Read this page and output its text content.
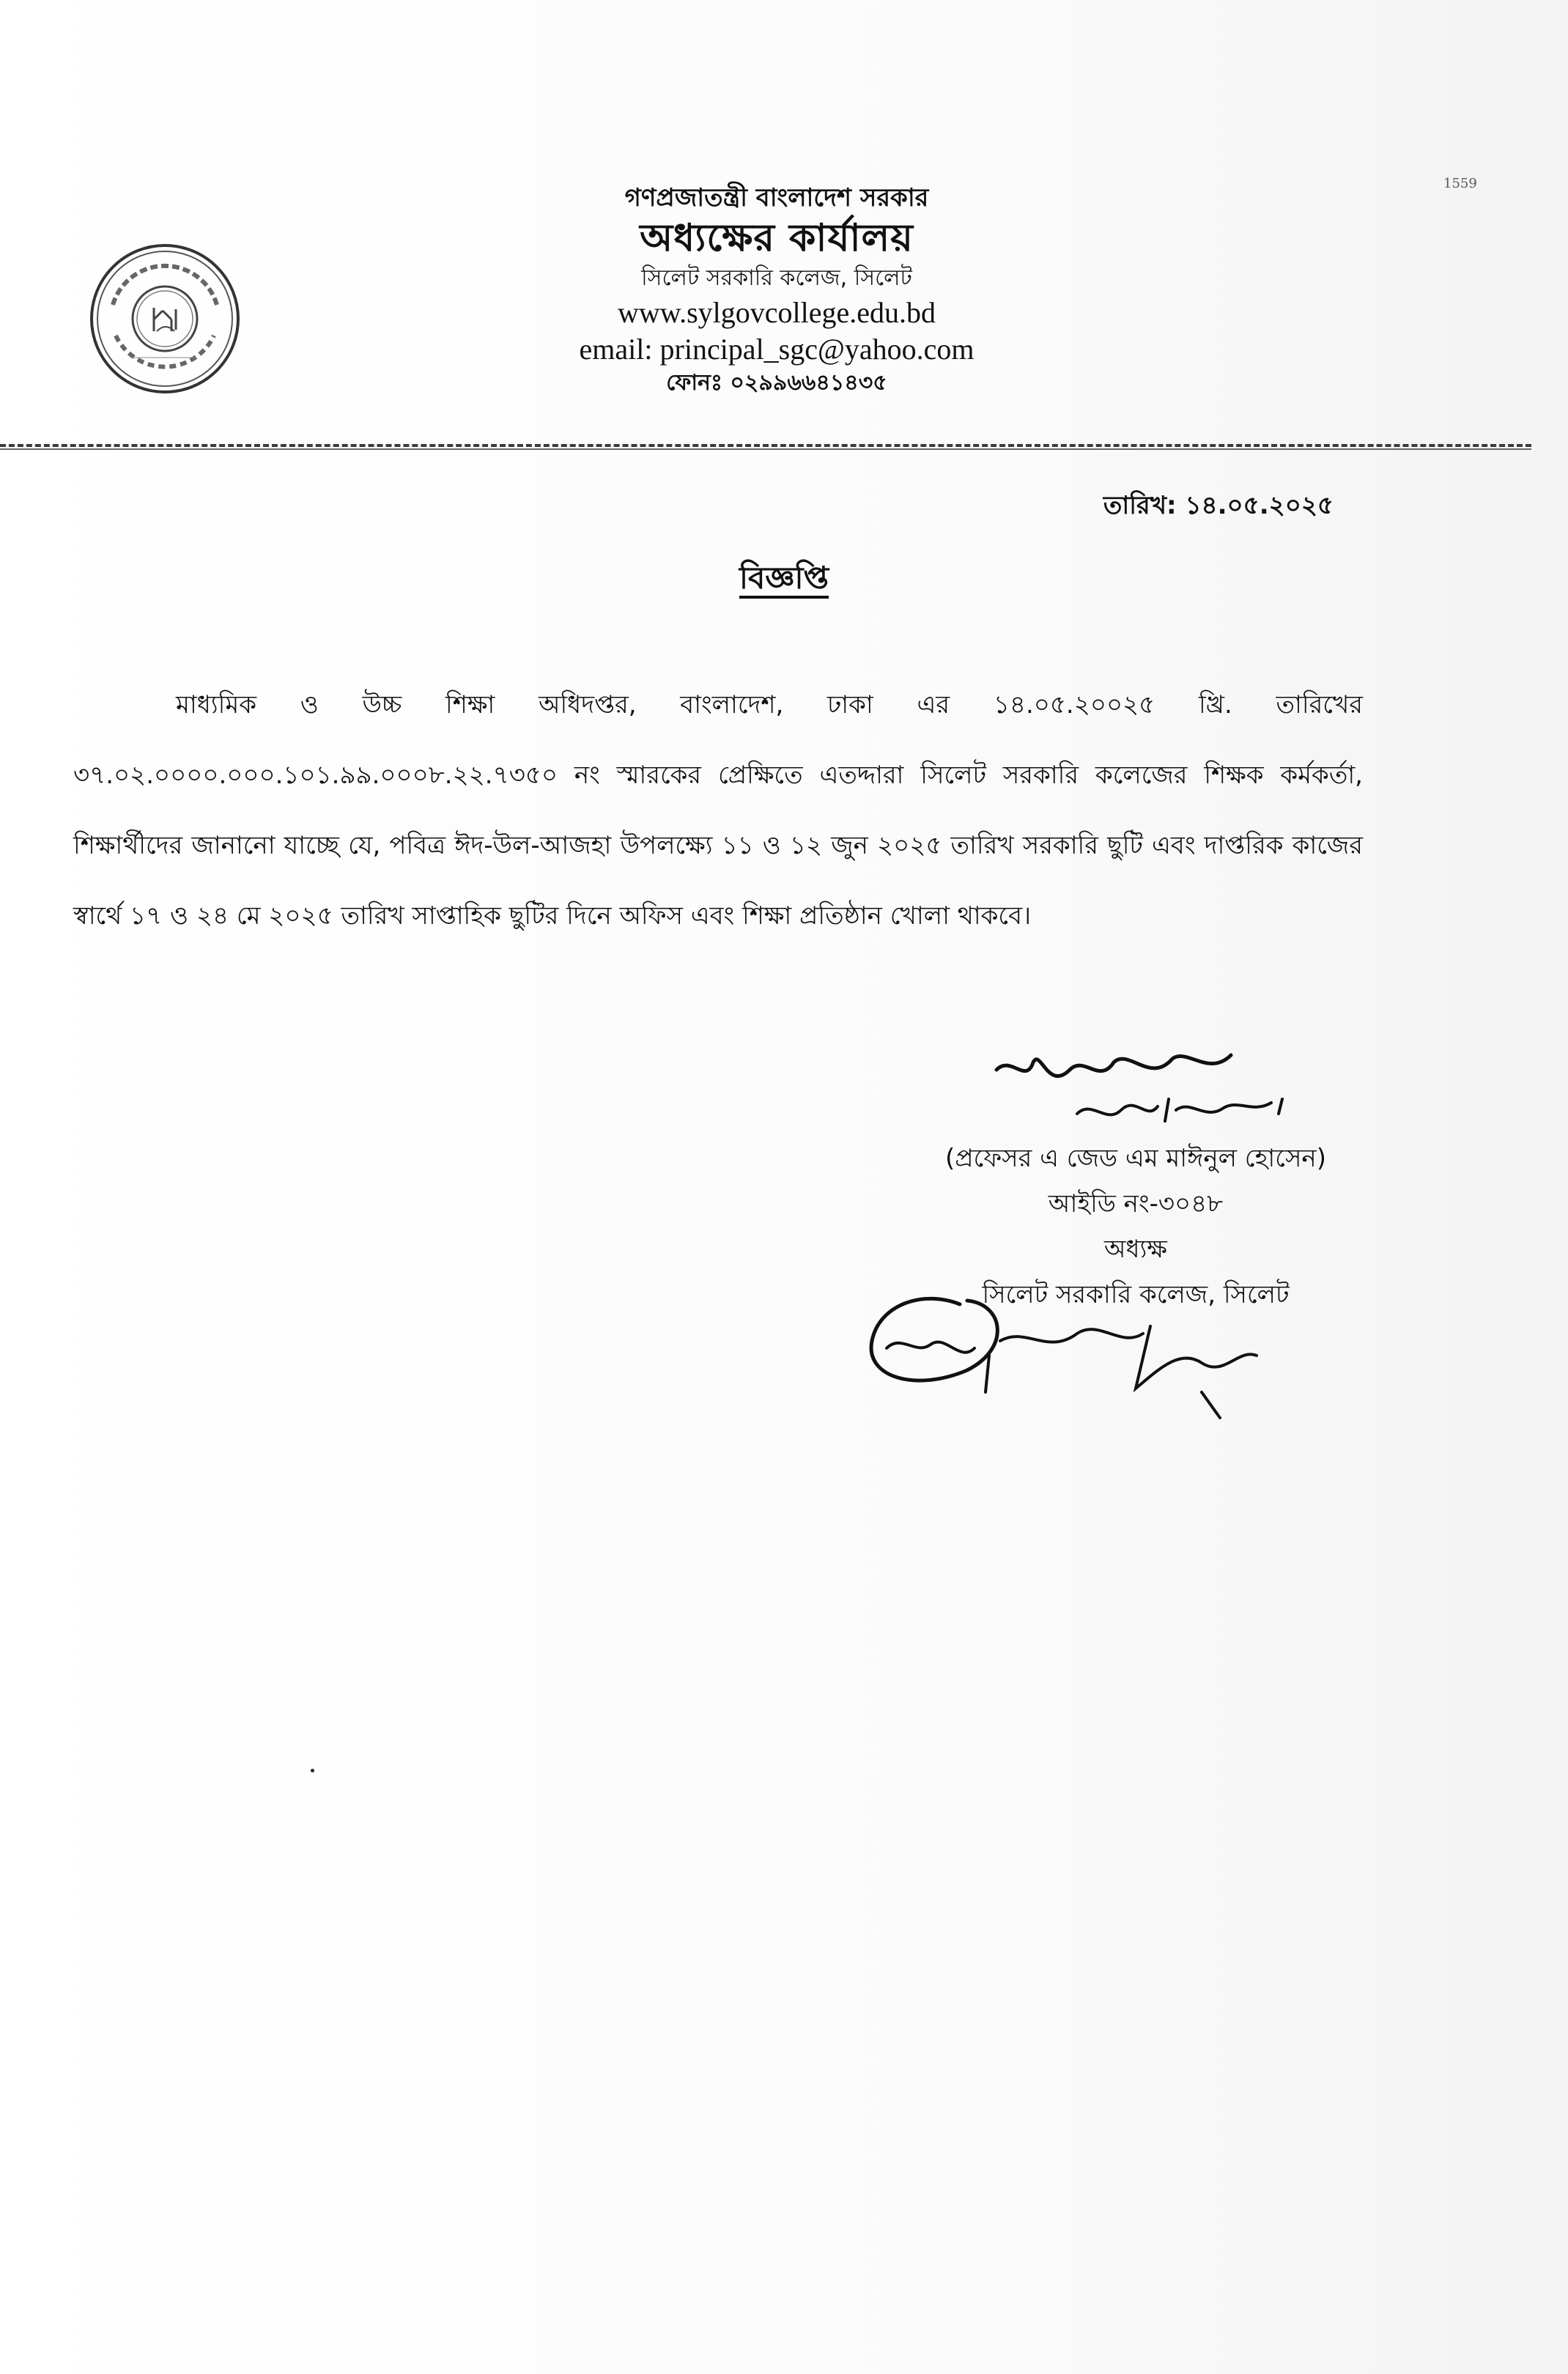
1559
গণপ্রজাতন্ত্রী বাংলাদেশ সরকার
অধ্যক্ষের কার্যালয়
সিলেট সরকারি কলেজ, সিলেট
www.sylgovcollege.edu.bd
email: principal_sgc@yahoo.com
ফোনঃ ০২৯৯৬৬৪১৪৩৫
তারিখ: ১৪.০৫.২০২৫
বিজ্ঞপ্তি

মাধ্যমিক ও উচ্চ শিক্ষা অধিদপ্তর, বাংলাদেশ, ঢাকা এর ১৪.০৫.২০০২৫ খ্রি. তারিখের ৩৭.০২.০০০০.০০০.১০১.৯৯.০০০৮.২২.৭৩৫০ নং স্মারকের প্রেক্ষিতে এতদ্দারা সিলেট সরকারি কলেজের শিক্ষক কর্মকর্তা, শিক্ষার্থীদের জানানো যাচ্ছে যে, পবিত্র ঈদ-উল-আজহা উপলক্ষ্যে ১১ ও ১২ জুন ২০২৫ তারিখ সরকারি ছুটি এবং দাপ্তরিক কাজের স্বার্থে ১৭ ও ২৪ মে ২০২৫ তারিখ সাপ্তাহিক ছুটির দিনে অফিস এবং শিক্ষা প্রতিষ্ঠান খোলা থাকবে।

(প্রফেসর এ জেড এম মাঈনুল হোসেন)
আইডি নং-৩০৪৮
অধ্যক্ষ
সিলেট সরকারি কলেজ, সিলেট
